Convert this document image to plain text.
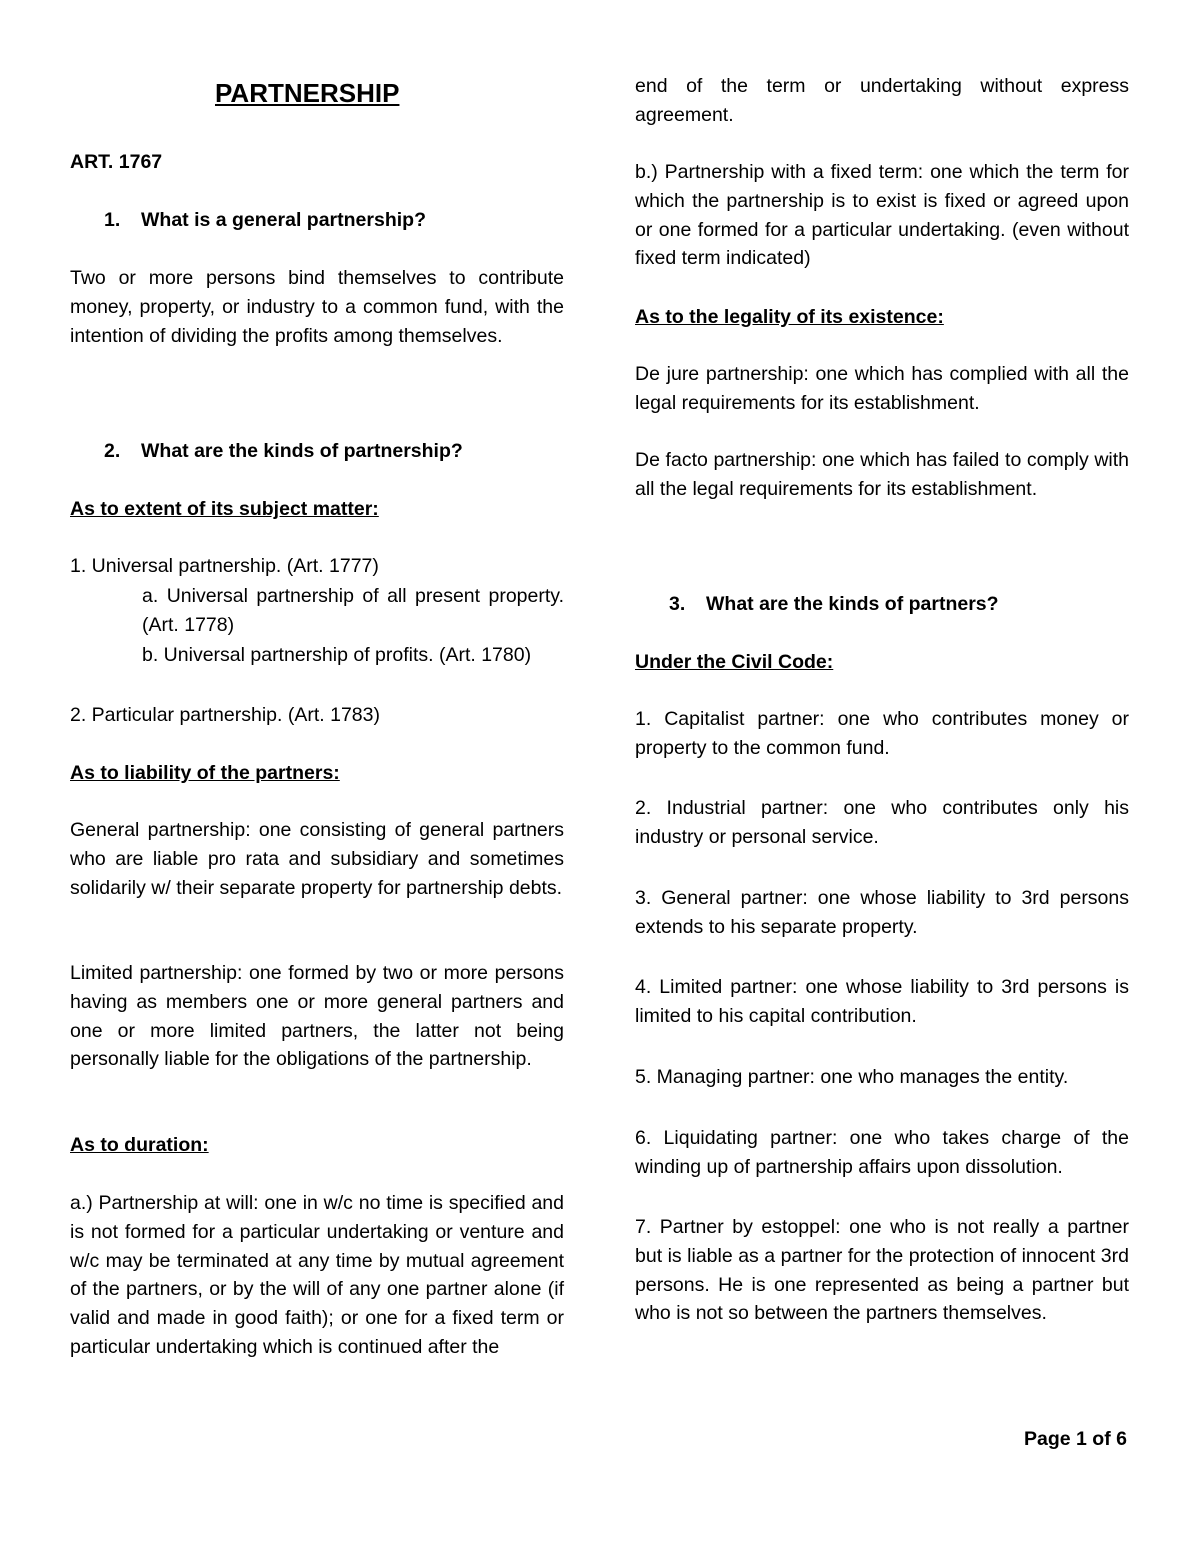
PARTNERSHIP

ART. 1767

1. What is a general partnership?

Two or more persons bind themselves to contribute money, property, or industry to a common fund, with the intention of dividing the profits among themselves.

2. What are the kinds of partnership?

As to extent of its subject matter:

1. Universal partnership. (Art. 1777)

a. Universal partnership of all present property. (Art. 1778)

b. Universal partnership of profits. (Art. 1780)

2. Particular partnership. (Art. 1783)

As to liability of the partners:

General partnership: one consisting of general partners who are liable pro rata and subsidiary and sometimes solidarily w/ their separate property for partnership debts.

Limited partnership: one formed by two or more persons having as members one or more general partners and one or more limited partners, the latter not being personally liable for the obligations of the partnership.

As to duration:

a.) Partnership at will: one in w/c no time is specified and is not formed for a particular undertaking or venture and w/c may be terminated at any time by mutual agreement of the partners, or by the will of any one partner alone (if valid and made in good faith); or one for a fixed term or particular undertaking which is continued after the

end of the term or undertaking without express agreement.

b.) Partnership with a fixed term: one which the term for which the partnership is to exist is fixed or agreed upon or one formed for a particular undertaking. (even without fixed term indicated)

As to the legality of its existence:

De jure partnership: one which has complied with all the legal requirements for its establishment.

De facto partnership: one which has failed to comply with all the legal requirements for its establishment.

3. What are the kinds of partners?

Under the Civil Code:

1. Capitalist partner: one who contributes money or property to the common fund.

2. Industrial partner: one who contributes only his industry or personal service.

3. General partner: one whose liability to 3rd persons extends to his separate property.

4. Limited partner: one whose liability to 3rd persons is limited to his capital contribution.

5. Managing partner: one who manages the entity.

6. Liquidating partner: one who takes charge of the winding up of partnership affairs upon dissolution.

7. Partner by estoppel: one who is not really a partner but is liable as a partner for the protection of innocent 3rd persons. He is one represented as being a partner but who is not so between the partners themselves.

Page 1 of 6
